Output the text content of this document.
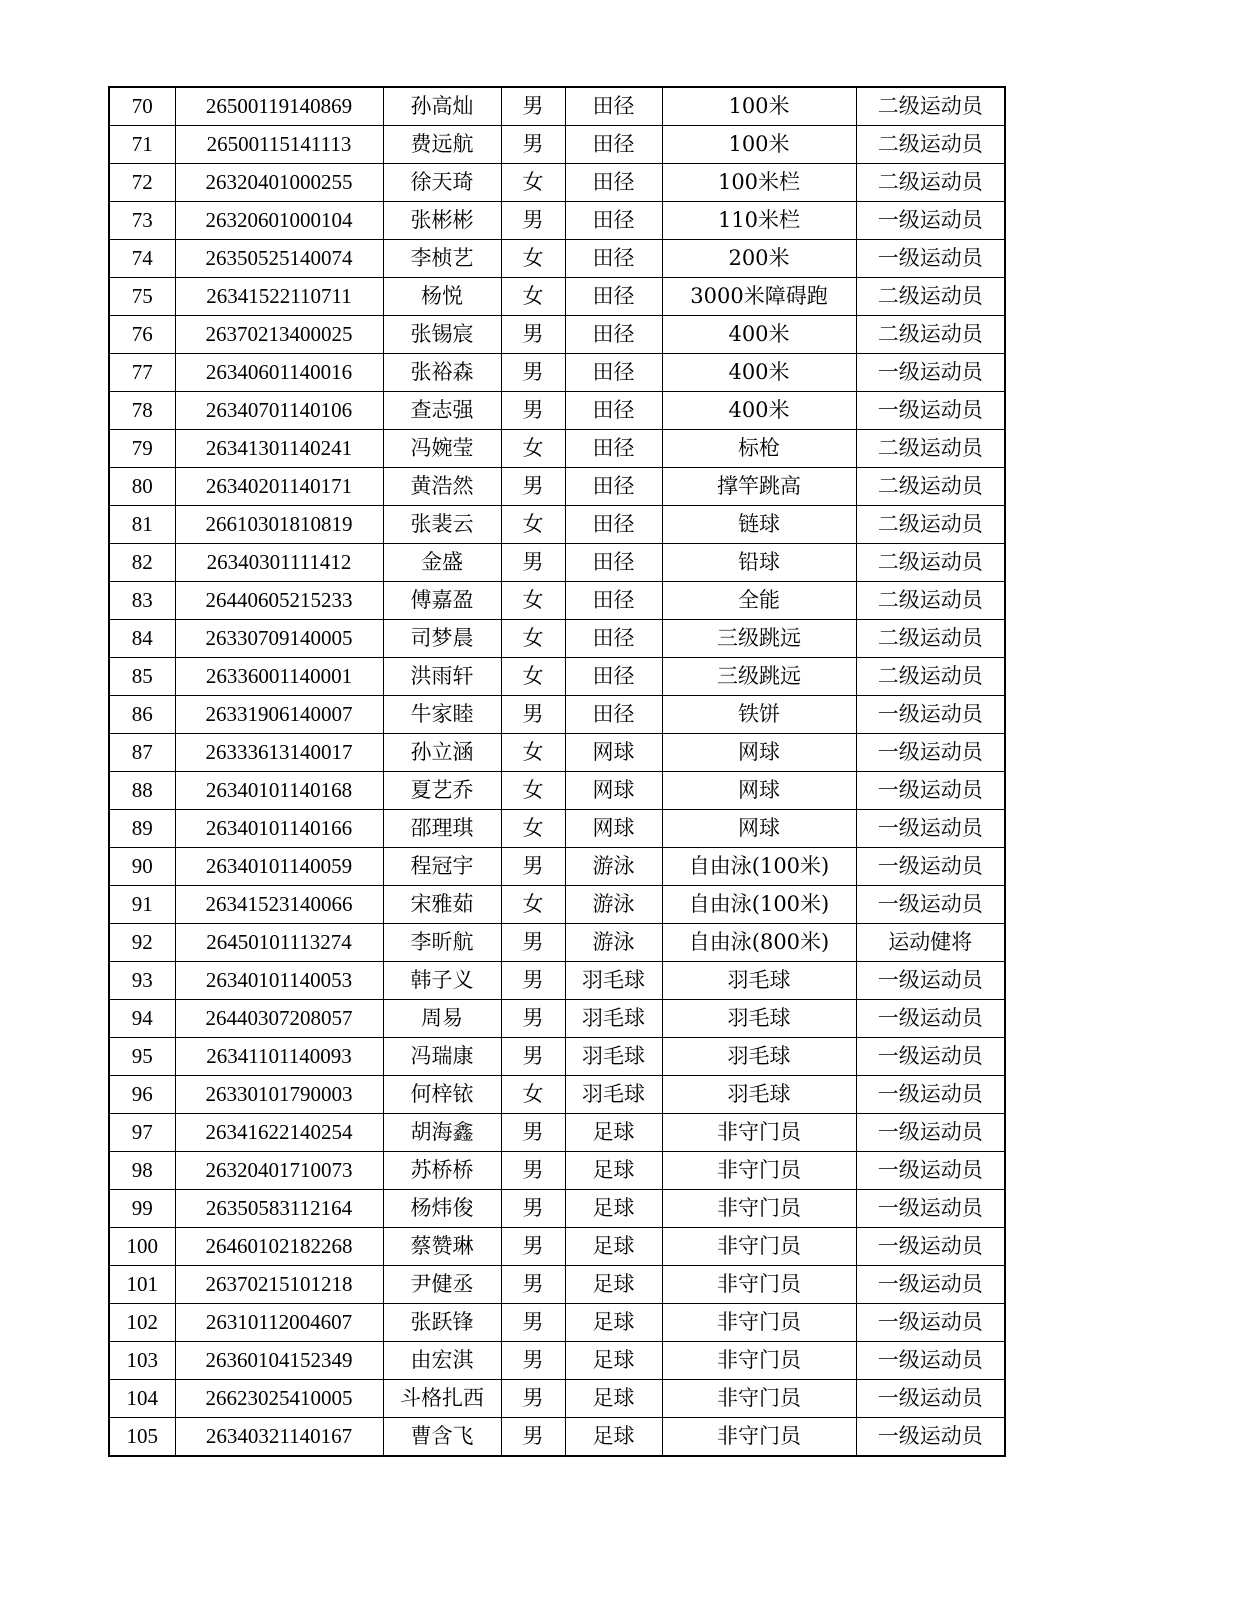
70	26500119140869	孙高灿	男	田径	100米	二级运动员
71	26500115141113	费远航	男	田径	100米	二级运动员
72	26320401000255	徐天琦	女	田径	100米栏	二级运动员
73	26320601000104	张彬彬	男	田径	110米栏	一级运动员
74	26350525140074	李桢艺	女	田径	200米	一级运动员
75	26341522110711	杨悦	女	田径	3000米障碍跑	二级运动员
76	26370213400025	张锡宸	男	田径	400米	二级运动员
77	26340601140016	张裕森	男	田径	400米	一级运动员
78	26340701140106	查志强	男	田径	400米	一级运动员
79	26341301140241	冯婉莹	女	田径	标枪	二级运动员
80	26340201140171	黄浩然	男	田径	撑竿跳高	二级运动员
81	26610301810819	张裴云	女	田径	链球	二级运动员
82	26340301111412	金盛	男	田径	铅球	二级运动员
83	26440605215233	傅嘉盈	女	田径	全能	二级运动员
84	26330709140005	司梦晨	女	田径	三级跳远	二级运动员
85	26336001140001	洪雨轩	女	田径	三级跳远	二级运动员
86	26331906140007	牛家睦	男	田径	铁饼	一级运动员
87	26333613140017	孙立涵	女	网球	网球	一级运动员
88	26340101140168	夏艺乔	女	网球	网球	一级运动员
89	26340101140166	邵理琪	女	网球	网球	一级运动员
90	26340101140059	程冠宇	男	游泳	自由泳(100米)	一级运动员
91	26341523140066	宋雅茹	女	游泳	自由泳(100米)	一级运动员
92	26450101113274	李昕航	男	游泳	自由泳(800米)	运动健将
93	26340101140053	韩子义	男	羽毛球	羽毛球	一级运动员
94	26440307208057	周易	男	羽毛球	羽毛球	一级运动员
95	26341101140093	冯瑞康	男	羽毛球	羽毛球	一级运动员
96	26330101790003	何梓铱	女	羽毛球	羽毛球	一级运动员
97	26341622140254	胡海鑫	男	足球	非守门员	一级运动员
98	26320401710073	苏桥桥	男	足球	非守门员	一级运动员
99	26350583112164	杨炜俊	男	足球	非守门员	一级运动员
100	26460102182268	蔡赞琳	男	足球	非守门员	一级运动员
101	26370215101218	尹健丞	男	足球	非守门员	一级运动员
102	26310112004607	张跃锋	男	足球	非守门员	一级运动员
103	26360104152349	由宏淇	男	足球	非守门员	一级运动员
104	26623025410005	斗格扎西	男	足球	非守门员	一级运动员
105	26340321140167	曹含飞	男	足球	非守门员	一级运动员
